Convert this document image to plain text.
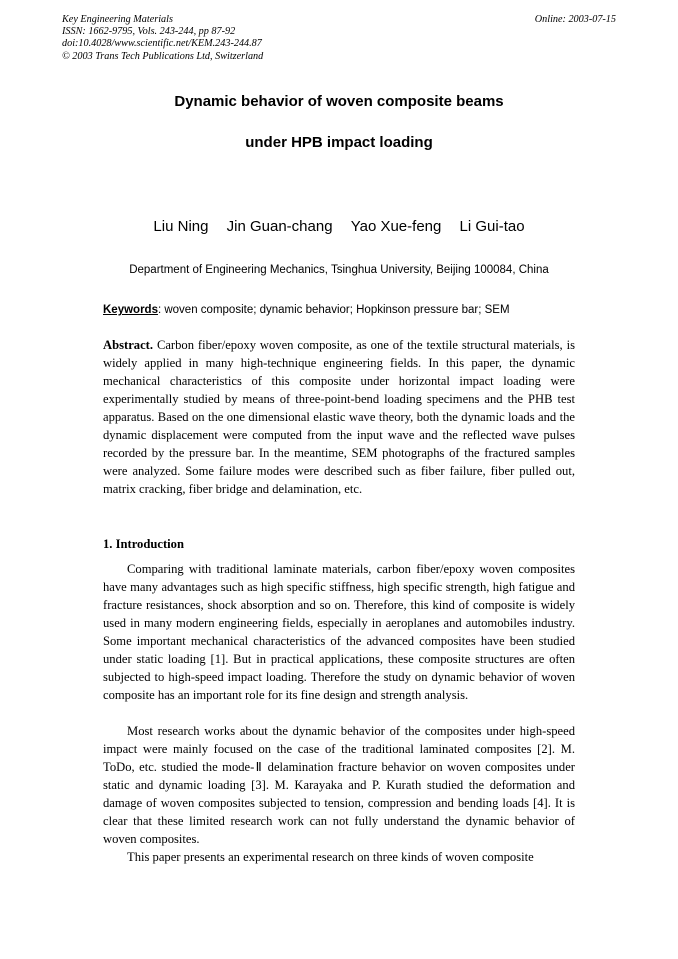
Key Engineering Materials
ISSN: 1662-9795, Vols. 243-244, pp 87-92
doi:10.4028/www.scientific.net/KEM.243-244.87
© 2003 Trans Tech Publications Ltd, Switzerland
Online: 2003-07-15
Dynamic behavior of woven composite beams
under HPB impact loading
Liu Ning Jin Guan-chang Yao Xue-feng Li Gui-tao
Department of Engineering Mechanics, Tsinghua University, Beijing 100084, China
Keywords: woven composite; dynamic behavior; Hopkinson pressure bar; SEM

Abstract. Carbon fiber/epoxy woven composite, as one of the textile structural materials, is widely applied in many high-technique engineering fields. In this paper, the dynamic mechanical characteristics of this composite under horizontal impact loading were experimentally studied by means of three-point-bend loading specimens and the PHB test apparatus. Based on the one dimensional elastic wave theory, both the dynamic loads and the dynamic displacement were computed from the input wave and the reflected wave pulses recorded by the pressure bar. In the meantime, SEM photographs of the fractured samples were analyzed. Some failure modes were described such as fiber failure, fiber pulled out, matrix cracking, fiber bridge and delamination, etc.

1. Introduction

Comparing with traditional laminate materials, carbon fiber/epoxy woven composites have many advantages such as high specific stiffness, high specific strength, high fatigue and fracture resistances, shock absorption and so on. Therefore, this kind of composite is widely used in many modern engineering fields, especially in aeroplanes and automobiles industry. Some important mechanical characteristics of the advanced composites have been studied under static loading [1]. But in practical applications, these composite structures are often subjected to high-speed impact loading. Therefore the study on dynamic behavior of woven composite has an important role for its fine design and strength analysis.

Most research works about the dynamic behavior of the composites under high-speed impact were mainly focused on the case of the traditional laminated composites [2]. M. ToDo, etc. studied the mode-Ⅱ delamination fracture behavior on woven composites under static and dynamic loading [3]. M. Karayaka and P. Kurath studied the deformation and damage of woven composites subjected to tension, compression and bending loads [4]. It is clear that these limited research work can not fully understand the dynamic behavior of woven composites.

This paper presents an experimental research on three kinds of woven composite
